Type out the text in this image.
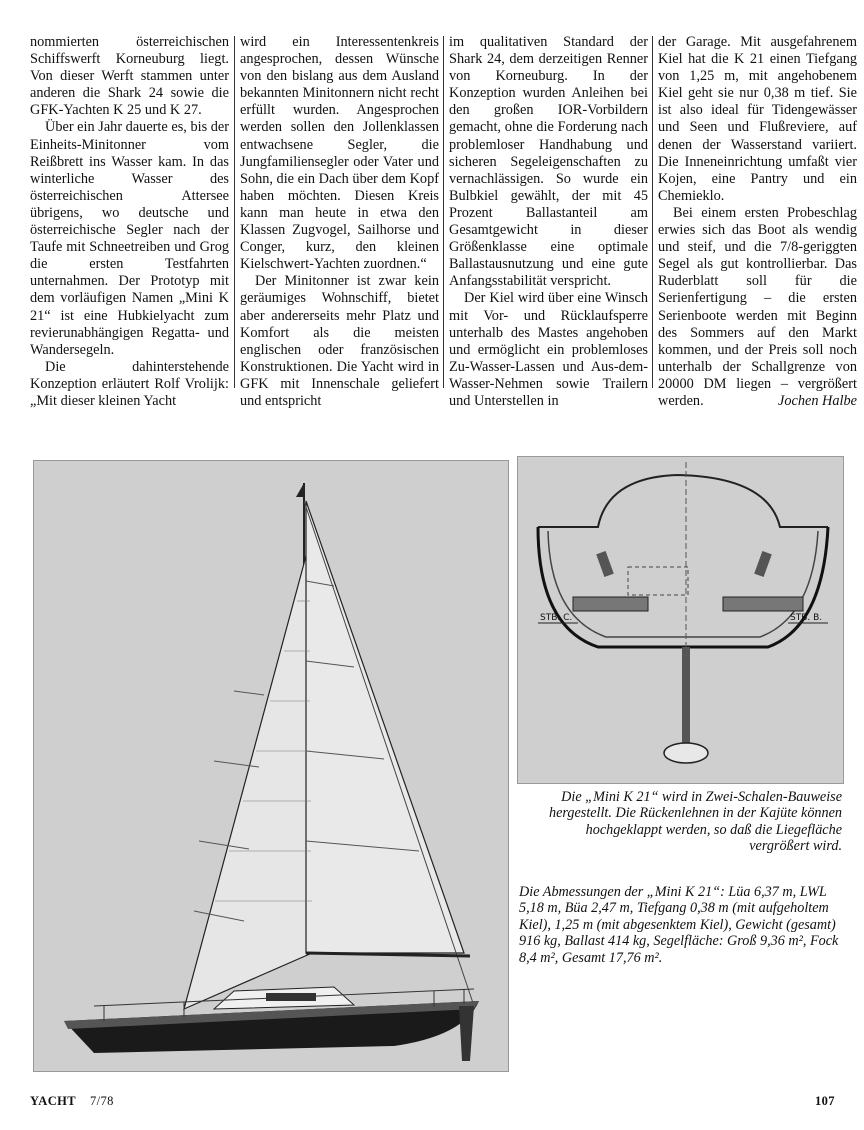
nommierten österreichischen Schiffswerft Korneuburg liegt. Von dieser Werft stammen unter anderen die Shark 24 sowie die GFK-Yachten K 25 und K 27.

Über ein Jahr dauerte es, bis der Einheits-Minitonner vom Reißbrett ins Wasser kam. In das winterliche Wasser des österreichischen Attersee übrigens, wo deutsche und österreichische Segler nach der Taufe mit Schneetreiben und Grog die ersten Testfahrten unternahmen. Der Prototyp mit dem vorläufigen Namen „Mini K 21“ ist eine Hubkielyacht zum revierunabhängigen Regatta- und Wandersegeln.

Die dahinterstehende Konzeption erläutert Rolf Vrolijk: „Mit dieser kleinen Yacht

wird ein Interessentenkreis angesprochen, dessen Wünsche von den bislang aus dem Ausland bekannten Minitonnern nicht recht erfüllt wurden. Angesprochen werden sollen den Jollenklassen entwachsene Segler, die Jungfamiliensegler oder Vater und Sohn, die ein Dach über dem Kopf haben möchten. Diesen Kreis kann man heute in etwa den Klassen Zugvogel, Sailhorse und Conger, kurz, den kleinen Kielschwert-Yachten zuordnen.“

Der Minitonner ist zwar kein geräumiges Wohnschiff, bietet aber andererseits mehr Platz und Komfort als die meisten englischen oder französischen Konstruktionen. Die Yacht wird in GFK mit Innenschale geliefert und entspricht

im qualitativen Standard der Shark 24, dem derzeitigen Renner von Korneuburg. In der Konzeption wurden Anleihen bei den großen IOR-Vorbildern gemacht, ohne die Forderung nach problemloser Handhabung und sicheren Segeleigenschaften zu vernachlässigen. So wurde ein Bulbkiel gewählt, der mit 45 Prozent Ballastanteil am Gesamtgewicht in dieser Größenklasse eine optimale Ballastausnutzung und eine gute Anfangsstabilität verspricht.

Der Kiel wird über eine Winsch mit Vor- und Rücklaufsperre unterhalb des Mastes angehoben und ermöglicht ein problemloses Zu-Wasser-Lassen und Aus-dem-Wasser-Nehmen sowie Trailern und Unterstellen in

der Garage. Mit ausgefahrenem Kiel hat die K 21 einen Tiefgang von 1,25 m, mit angehobenem Kiel geht sie nur 0,38 m tief. Sie ist also ideal für Tidengewässer und Seen und Flußreviere, auf denen der Wasserstand variiert. Die Inneneinrichtung umfaßt vier Kojen, eine Pantry und ein Chemieklo.

Bei einem ersten Probeschlag erwies sich das Boot als wendig und steif, und die 7/8-geriggten Segel als gut kontrollierbar. Das Ruderblatt soll für die Serienfertigung – die ersten Serienboote werden mit Beginn des Sommers auf den Markt kommen, und der Preis soll noch unterhalb der Schallgrenze von 20000 DM liegen – vergrößert werden.	Jochen Halbe

STB. C.	STB. B.
Die „Mini K 21“ wird in Zwei-Schalen-Bauweise hergestellt. Die Rückenlehnen in der Kajüte können hochgeklappt werden, so daß die Liegefläche vergrößert wird.
Die Abmessungen der „Mini K 21“: Lüa 6,37 m, LWL 5,18 m, Büa 2,47 m, Tiefgang 0,38 m (mit aufgeholtem Kiel), 1,25 m (mit abgesenktem Kiel), Gewicht (gesamt) 916 kg, Ballast 414 kg, Segelfläche: Groß 9,36 m², Fock 8,4 m², Gesamt 17,76 m².
YACHT 7/78	107
